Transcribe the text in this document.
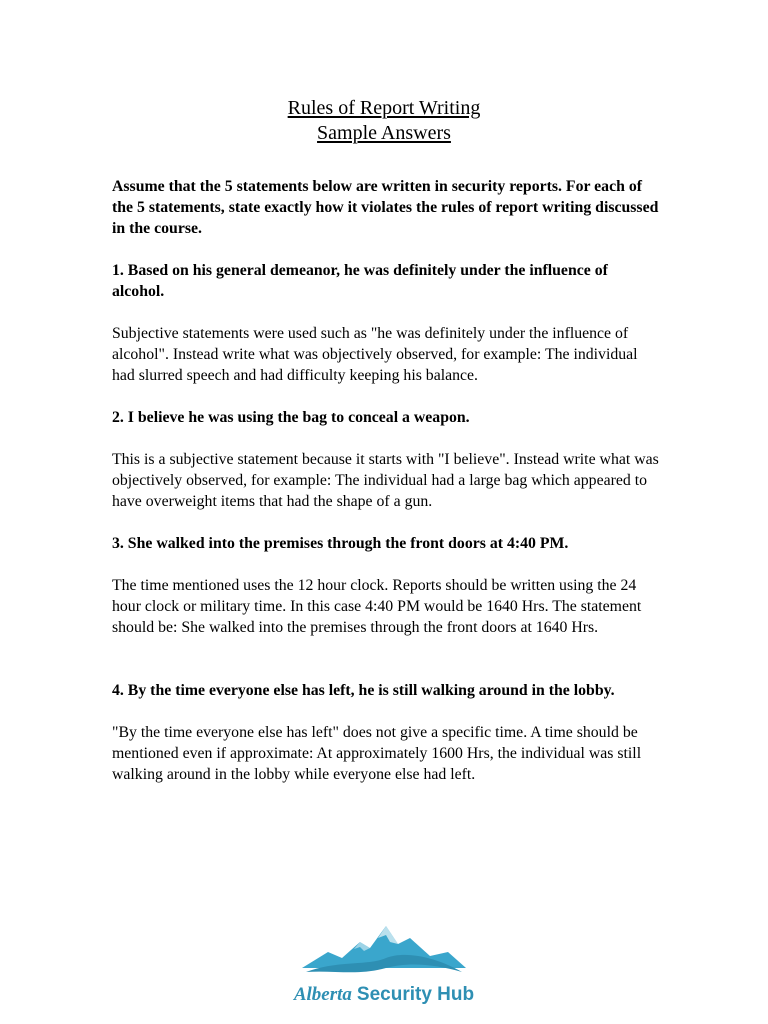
Rules of Report Writing
Sample Answers

Assume that the 5 statements below are written in security reports. For each of the 5 statements, state exactly how it violates the rules of report writing discussed in the course.

1. Based on his general demeanor, he was definitely under the influence of alcohol.

Subjective statements were used such as "he was definitely under the influence of alcohol". Instead write what was objectively observed, for example: The individual had slurred speech and had difficulty keeping his balance.

2. I believe he was using the bag to conceal a weapon.

This is a subjective statement because it starts with "I believe". Instead write what was objectively observed, for example: The individual had a large bag which appeared to have overweight items that had the shape of a gun.

3. She walked into the premises through the front doors at 4:40 PM.

The time mentioned uses the 12 hour clock. Reports should be written using the 24 hour clock or military time. In this case 4:40 PM would be 1640 Hrs. The statement should be: She walked into the premises through the front doors at 1640 Hrs.

4. By the time everyone else has left, he is still walking around in the lobby.

"By the time everyone else has left" does not give a specific time. A time should be mentioned even if approximate: At approximately 1600 Hrs, the individual was still walking around in the lobby while everyone else had left.

Alberta Security Hub
